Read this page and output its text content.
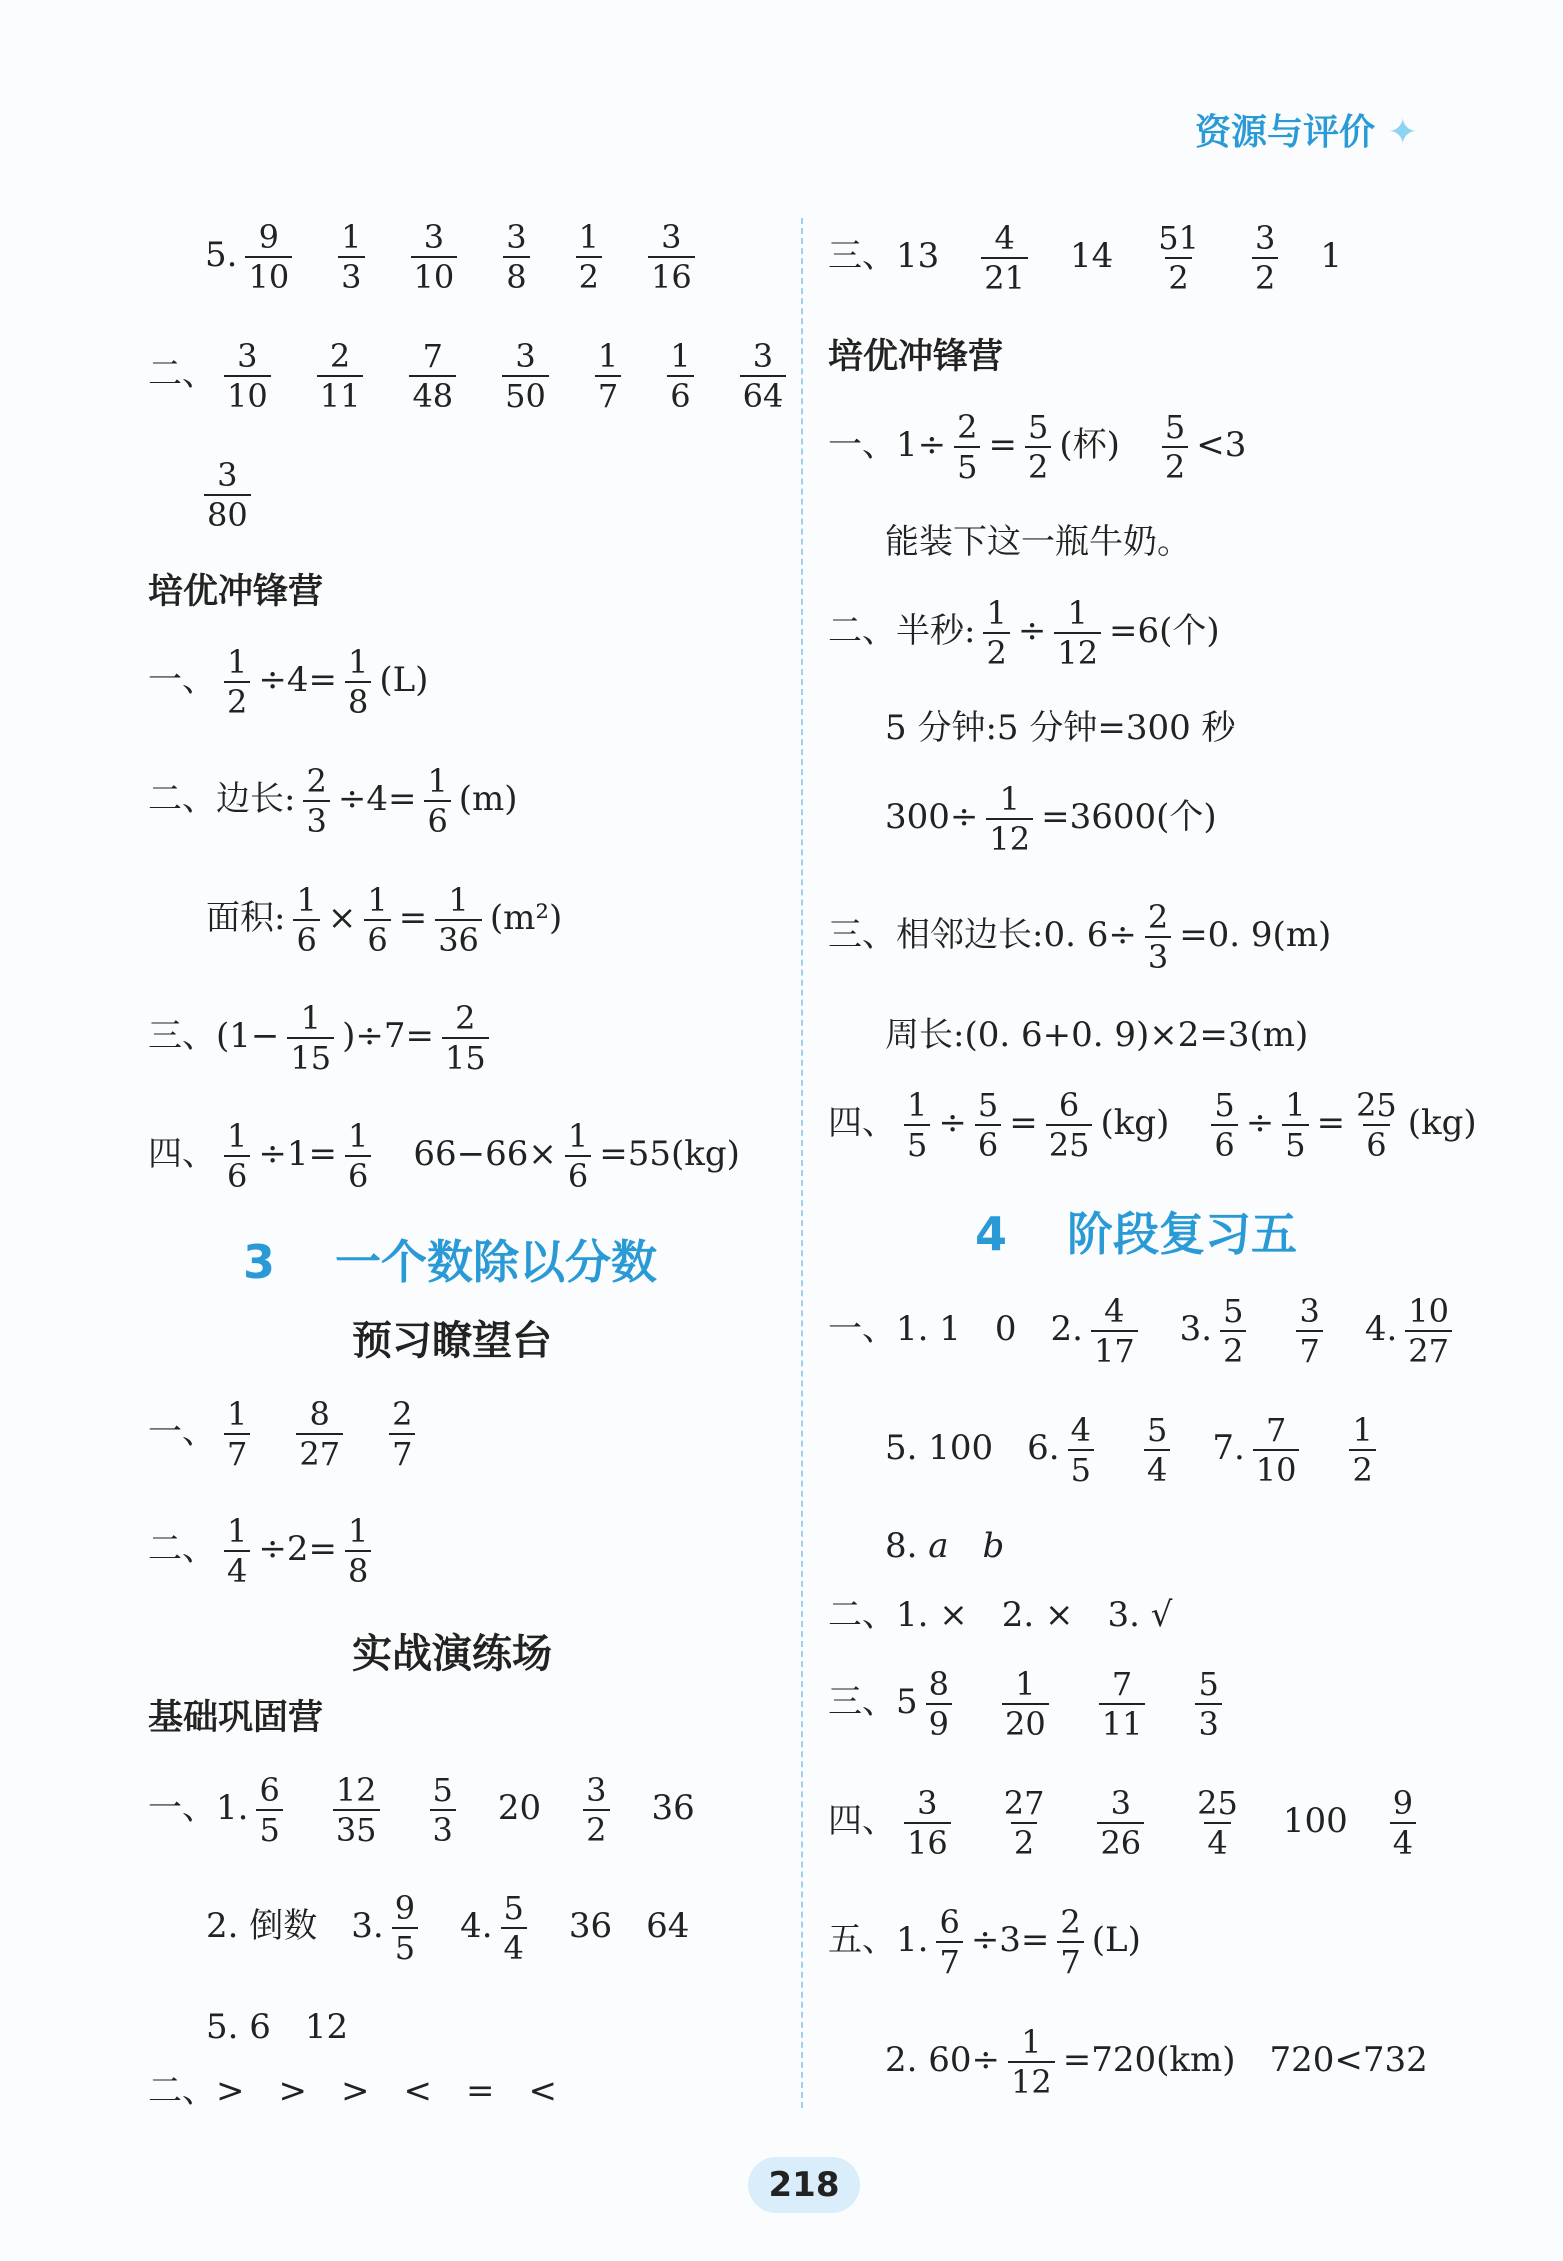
资源与评价 ✦
5. $\frac{9}{10} \frac{1}{3} \frac{3}{10} \frac{3}{8} \frac{1}{2} \frac{3}{16}$
二、 $\frac{3}{10} \frac{2}{11} \frac{7}{48} \frac{3}{50} \frac{1}{7} \frac{1}{6} \frac{3}{64}$
$\frac{3}{80}$
培优冲锋营
一、 $\frac{1}{2} \div 4= \frac{1}{8} (L)$
二、边长: $\frac{2}{3} \div 4= \frac{1}{6} (m)$
面积: $\frac{1}{6} \times \frac{1}{6} = \frac{1}{36} (m^2)$
三、$(1- \frac{1}{15} )\div 7= \frac{2}{15}$
四、 $\frac{1}{6} \div 1= \frac{1}{6} 66-66\times \frac{1}{6} =55(kg)$
3 一个数除以分数
预习瞭望台
一、 $\frac{1}{7} \frac{8}{27} \frac{2}{7}$
二、 $\frac{1}{4} \div 2= \frac{1}{8}$
实战演练场
基础巩固营
一、1. $\frac{6}{5} \frac{12}{35} \frac{5}{3} 20 \frac{3}{2} 36$
2. 倒数 3. $\frac{9}{5} 4$. $\frac{5}{4} 36$ 64
5. 6　12
二、>　>　>　<　=　<
三、$13 \frac{4}{21} 14 \frac{51}{2} \frac{3}{2} 1$
培优冲锋营
一、$1\div \frac{2}{5} = \frac{5}{2}$ (杯) $\frac{5}{2} <3$
能装下这一瓶牛奶。
二、半秒: $\frac{1}{2} \div \frac{1}{12} =6$(个)
5 分钟:5 分钟=300 秒
$300\div \frac{1}{12} =3600$(个)
三、相邻边长:0. $6\div \frac{2}{3} =0$. 9(m)
周长:(0. 6+0. 9)×2=3(m)
四、 $\frac{1}{5} \div \frac{5}{6} = \frac{6}{25} (kg) \frac{5}{6} \div \frac{1}{5} = \frac{25}{6} (kg)$
4 阶段复习五
一、1. 1　0　2. $\frac{4}{17} 3$. $\frac{5}{2} \frac{3}{7} 4$. $\frac{10}{27}$
5. 100　6. $\frac{4}{5} \frac{5}{4} 7$. $\frac{7}{10} \frac{1}{2}$
8. a b
二、1. ×　2. ×　3. √
三、$5 \frac{8}{9} \frac{1}{20} \frac{7}{11} \frac{5}{3}$
四、 $\frac{3}{16} \frac{27}{2} \frac{3}{26} \frac{25}{4} 100 \frac{9}{4}$
五、1. $\frac{6}{7} \div 3= \frac{2}{7} (L)$
2. $60\div \frac{1}{12} =720(km)$　720<732
218
